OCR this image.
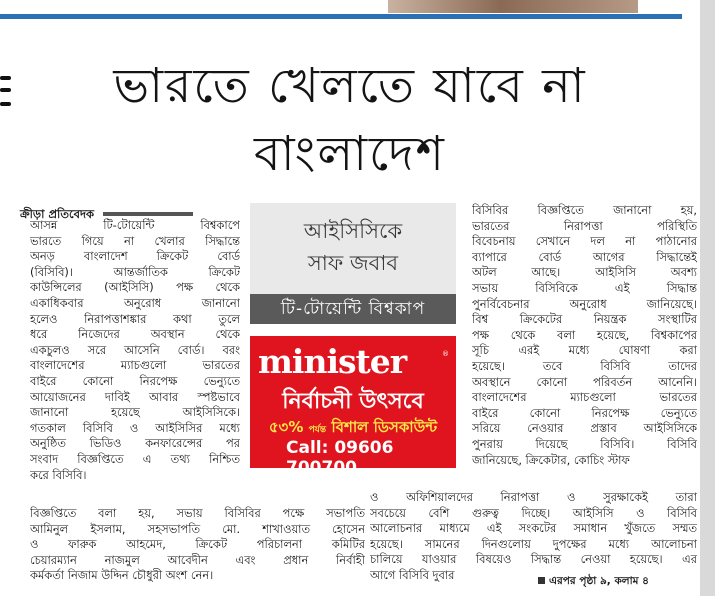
ভারতে খেলতে যাবে না
বাংলাদেশ
ক্রীড়া প্রতিবেদক
আসন্ন টি-টোয়েন্টি বিশ্বকাপে
ভারতে গিয়ে না খেলার সিদ্ধান্তে
অনড় বাংলাদেশ ক্রিকেট বোর্ড
(বিসিবি)। আন্তর্জাতিক ক্রিকেট
কাউন্সিলের (আইসিসি) পক্ষ থেকে
একাধিকবার অনুরোধ জানানো
হলেও নিরাপত্তাশঙ্কার কথা তুলে
ধরে নিজেদের অবস্থান থেকে
একচুলও সরে আসেনি বোর্ড। বরং
বাংলাদেশের ম্যাচগুলো ভারতের
বাইরে কোনো নিরপেক্ষ ভেন্যুতে
আয়োজনের দাবিই আবার স্পষ্টভাবে
জানানো হয়েছে আইসিসিকে।
গতকাল বিসিবি ও আইসিসির মধ্যে
অনুষ্ঠিত ভিডিও কনফারেন্সের পর
সংবাদ বিজ্ঞপ্তিতে এ তথ্য নিশ্চিত
করে বিসিবি।
বিজ্ঞপ্তিতে বলা হয়, সভায় বিসিবির পক্ষে সভাপতি
আমিনুল ইসলাম, সহসভাপতি মো. শাখাওয়াত হোসেন
ও ফারুক আহমেদ, ক্রিকেট পরিচালনা কমিটির
চেয়ারম্যান নাজমুল আবেদীন এবং প্রধান নির্বাহী
কর্মকর্তা নিজাম উদ্দিন চৌধুরী অংশ নেন।
বিসিবির বিজ্ঞপ্তিতে জানানো হয়,
ভারতের নিরাপত্তা পরিস্থিতি
বিবেচনায় সেখানে দল না পাঠানোর
ব্যাপারে বোর্ড আগের সিদ্ধান্তেই
অটল আছে। আইসিসি অবশ্য
সভায় বিসিবিকে এই সিদ্ধান্ত
পুনর্বিবেচনার অনুরোধ জানিয়েছে।
বিশ্ব ক্রিকেটের নিয়ন্ত্রক সংস্থাটির
পক্ষ থেকে বলা হয়েছে, বিশ্বকাপের
সূচি এরই মধ্যে ঘোষণা করা
হয়েছে। তবে বিসিবি তাদের
অবস্থানে কোনো পরিবর্তন আনেনি।
বাংলাদেশের ম্যাচগুলো ভারতের
বাইরে কোনো নিরপেক্ষ ভেন্যুতে
সরিয়ে নেওয়ার প্রস্তাব আইসিসিকে
পুনরায় দিয়েছে বিসিবি। বিসিবি
জানিয়েছে, ক্রিকেটার, কোচিং স্টাফ
ও অফিশিয়ালদের নিরাপত্তা ও সুরক্ষাকেই তারা
সবচেয়ে বেশি গুরুত্ব দিচ্ছে। আইসিসি ও বিসিবি
আলোচনার মাধ্যমে এই সংকটের সমাধান খুঁজতে সম্মত
হয়েছে। সামনের দিনগুলোয় দুপক্ষের মধ্যে আলোচনা
চালিয়ে যাওয়ার বিষয়েও সিদ্ধান্ত নেওয়া হয়েছে। এর
আগে বিসিবি দুবার
আইসিসিকে
সাফ জবাব
টি-টোয়েন্টি বিশ্বকাপ
minister	®
নির্বাচনী উৎসবে
৫৩% পর্যন্ত বিশাল ডিসকাউন্ট
Call: 09606 700700
এরপর পৃষ্ঠা ৯, কলাম ৪
